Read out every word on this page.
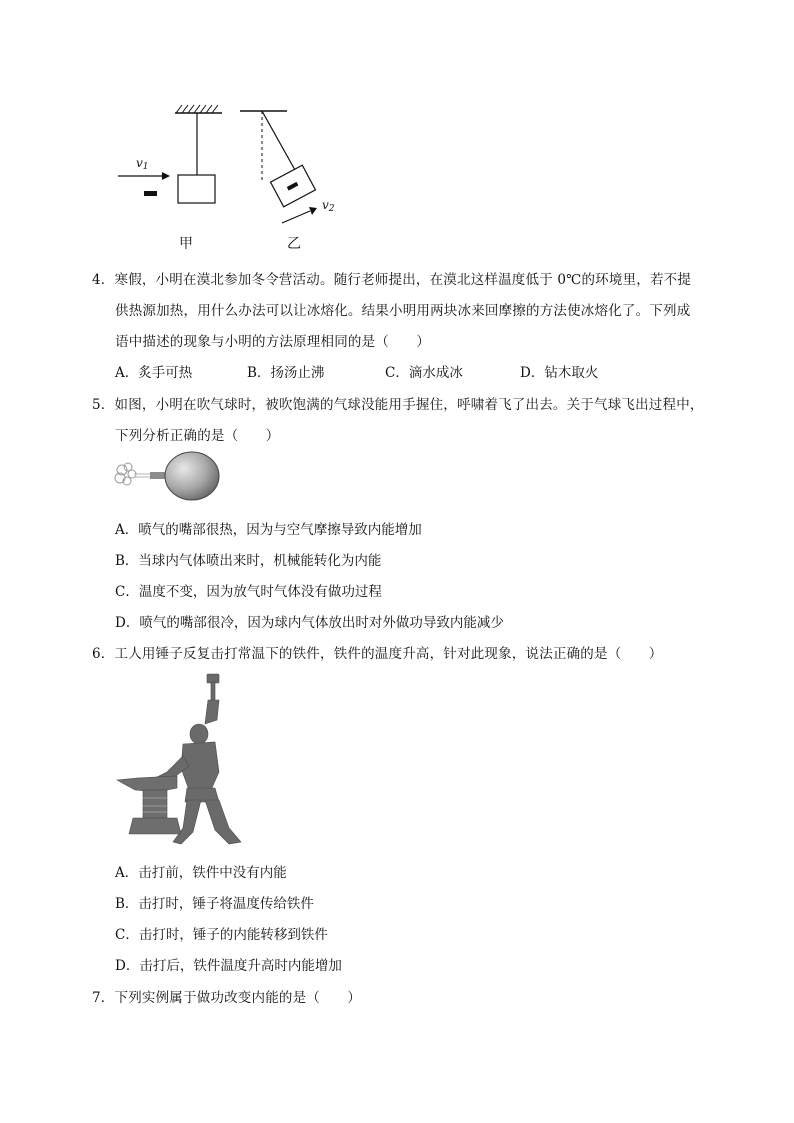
$v_1$
$v_2$
甲	乙
4．寒假，小明在漠北参加冬令营活动。随行老师提出，在漠北这样温度低于 0℃的环境里，若不提
供热源加热，用什么办法可以让冰熔化。结果小明用两块冰来回摩擦的方法使冰熔化了。下列成
语中描述的现象与小明的方法原理相同的是（　　）
A．炙手可热	B．扬汤止沸	C．滴水成冰	D．钻木取火
5．如图，小明在吹气球时，被吹饱满的气球没能用手握住，呼啸着飞了出去。关于气球飞出过程中，
下列分析正确的是（　　）
A．喷气的嘴部很热，因为与空气摩擦导致内能增加
B．当球内气体喷出来时，机械能转化为内能
C．温度不变，因为放气时气体没有做功过程
D．喷气的嘴部很冷，因为球内气体放出时对外做功导致内能减少
6．工人用锤子反复击打常温下的铁件，铁件的温度升高，针对此现象，说法正确的是（　　）
A．击打前，铁件中没有内能
B．击打时，锤子将温度传给铁件
C．击打时，锤子的内能转移到铁件
D．击打后，铁件温度升高时内能增加
7．下列实例属于做功改变内能的是（　　）
